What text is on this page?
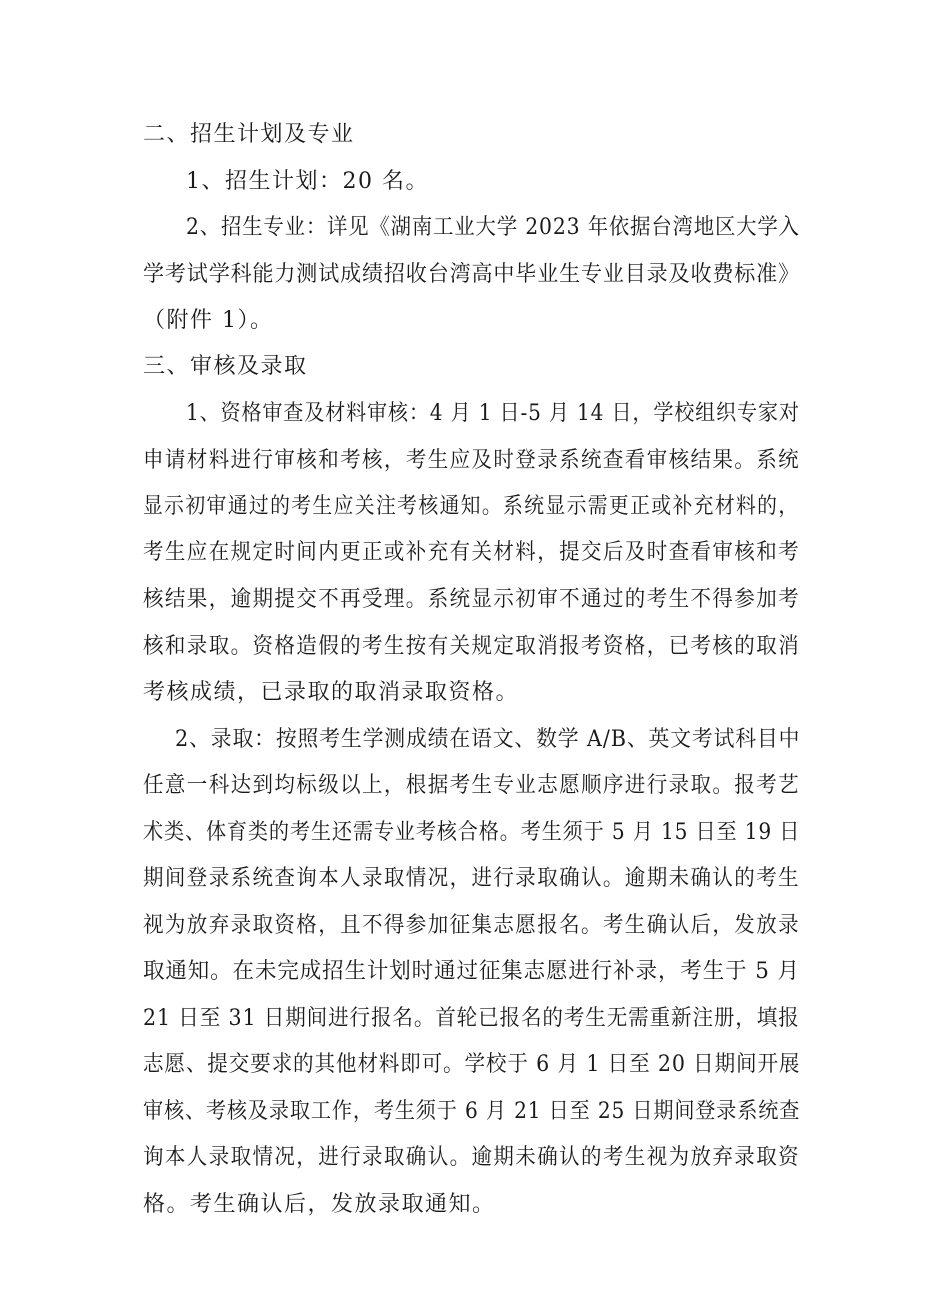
二、招生计划及专业
1、招生计划：20 名。
2、招生专业：详见《湖南工业大学 2023 年依据台湾地区大学入
学考试学科能力测试成绩招收台湾高中毕业生专业目录及收费标准》
（附件 1）。
三、审核及录取
1、资格审查及材料审核：4 月 1 日-5 月 14 日，学校组织专家对
申请材料进行审核和考核，考生应及时登录系统查看审核结果。系统
显示初审通过的考生应关注考核通知。系统显示需更正或补充材料的，
考生应在规定时间内更正或补充有关材料，提交后及时查看审核和考
核结果，逾期提交不再受理。系统显示初审不通过的考生不得参加考
核和录取。资格造假的考生按有关规定取消报考资格，已考核的取消
考核成绩，已录取的取消录取资格。
2、录取：按照考生学测成绩在语文、数学 A/B、英文考试科目中
任意一科达到均标级以上，根据考生专业志愿顺序进行录取。报考艺
术类、体育类的考生还需专业考核合格。考生须于 5 月 15 日至 19 日
期间登录系统查询本人录取情况，进行录取确认。逾期未确认的考生
视为放弃录取资格，且不得参加征集志愿报名。考生确认后，发放录
取通知。在未完成招生计划时通过征集志愿进行补录，考生于 5 月
21 日至 31 日期间进行报名。首轮已报名的考生无需重新注册，填报
志愿、提交要求的其他材料即可。学校于 6 月 1 日至 20 日期间开展
审核、考核及录取工作，考生须于 6 月 21 日至 25 日期间登录系统查
询本人录取情况，进行录取确认。逾期未确认的考生视为放弃录取资
格。考生确认后，发放录取通知。
